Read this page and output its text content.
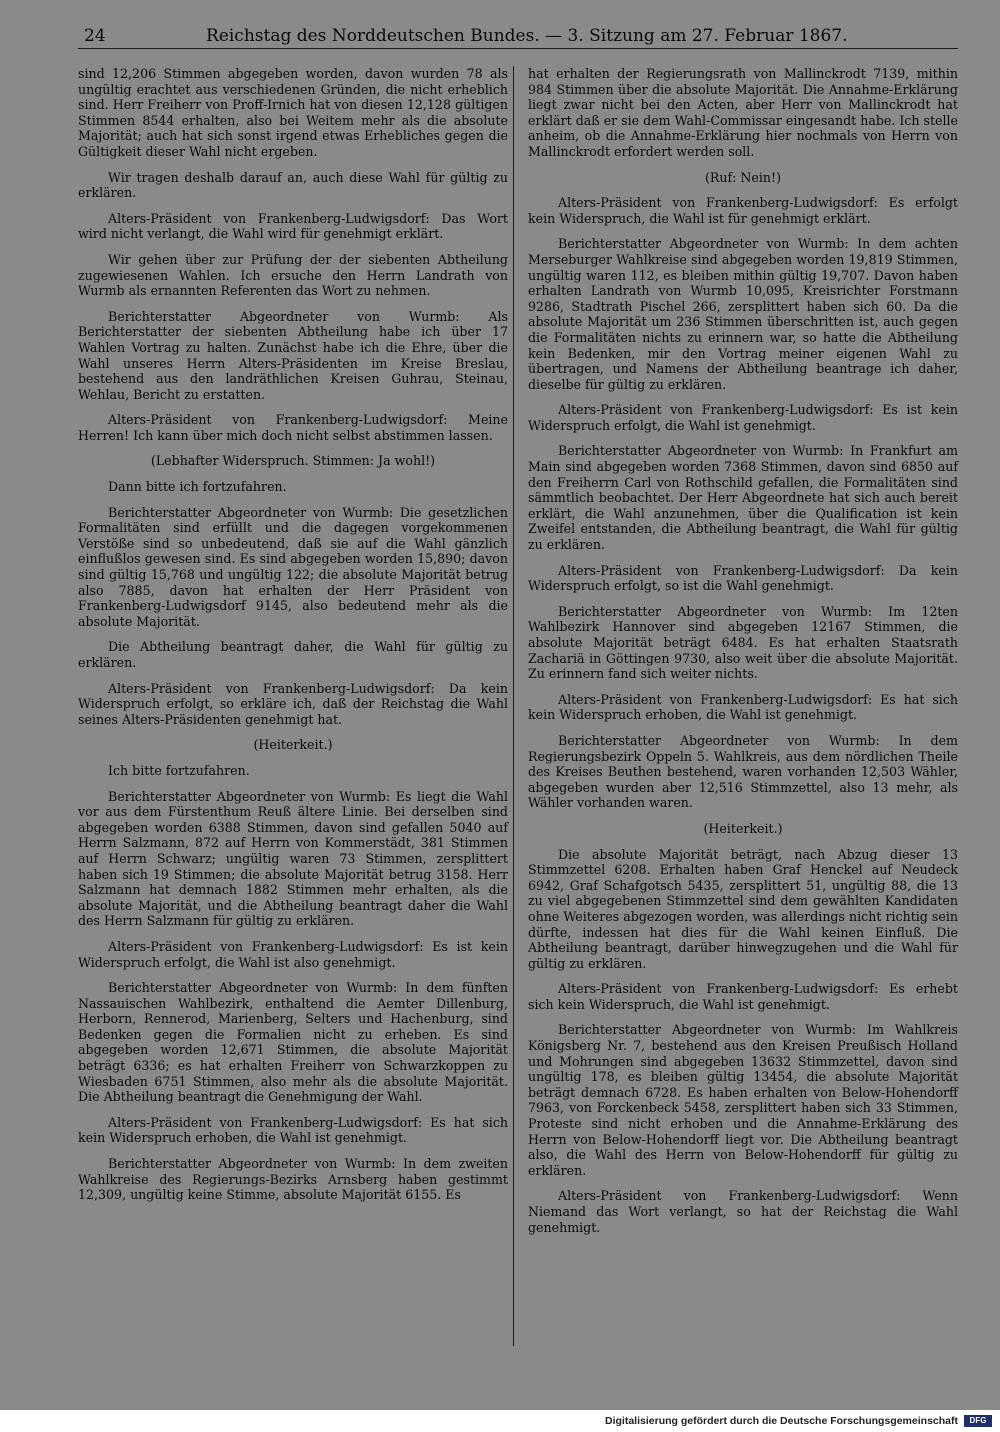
24	Reichstag des Norddeutschen Bundes. — 3. Sitzung am 27. Februar 1867.

sind 12,206 Stimmen abgegeben worden, davon wurden 78 als ungültig erachtet aus verschiedenen Gründen, die nicht erheblich sind. Herr Freiherr von Proff-Irnich hat von diesen 12,128 gültigen Stimmen 8544 erhalten, also bei Weitem mehr als die absolute Majorität; auch hat sich sonst irgend etwas Erhebliches gegen die Gültigkeit dieser Wahl nicht ergeben.

Wir tragen deshalb darauf an, auch diese Wahl für gültig zu erklären.

Alters-Präsident von Frankenberg-Ludwigsdorf: Das Wort wird nicht verlangt, die Wahl wird für genehmigt erklärt.

Wir gehen über zur Prüfung der der siebenten Abtheilung zugewiesenen Wahlen. Ich ersuche den Herrn Landrath von Wurmb als ernannten Referenten das Wort zu nehmen.

Berichterstatter Abgeordneter von Wurmb: Als Berichterstatter der siebenten Abtheilung habe ich über 17 Wahlen Vortrag zu halten. Zunächst habe ich die Ehre, über die Wahl unseres Herrn Alters-Präsidenten im Kreise Breslau, bestehend aus den landräthlichen Kreisen Guhrau, Steinau, Wehlau, Bericht zu erstatten.

Alters-Präsident von Frankenberg-Ludwigsdorf: Meine Herren! Ich kann über mich doch nicht selbst abstimmen lassen.

(Lebhafter Widerspruch. Stimmen: Ja wohl!)

Dann bitte ich fortzufahren.

Berichterstatter Abgeordneter von Wurmb: Die gesetzlichen Formalitäten sind erfüllt und die dagegen vorgekommenen Verstöße sind so unbedeutend, daß sie auf die Wahl gänzlich einflußlos gewesen sind. Es sind abgegeben worden 15,890; davon sind gültig 15,768 und ungültig 122; die absolute Majorität betrug also 7885, davon hat erhalten der Herr Präsident von Frankenberg-Ludwigsdorf 9145, also bedeutend mehr als die absolute Majorität.

Die Abtheilung beantragt daher, die Wahl für gültig zu erklären.

Alters-Präsident von Frankenberg-Ludwigsdorf: Da kein Widerspruch erfolgt, so erkläre ich, daß der Reichstag die Wahl seines Alters-Präsidenten genehmigt hat.

(Heiterkeit.)

Ich bitte fortzufahren.

Berichterstatter Abgeordneter von Wurmb: Es liegt die Wahl vor aus dem Fürstenthum Reuß ältere Linie. Bei derselben sind abgegeben worden 6388 Stimmen, davon sind gefallen 5040 auf Herrn Salzmann, 872 auf Herrn von Kommerstädt, 381 Stimmen auf Herrn Schwarz; ungültig waren 73 Stimmen, zersplittert haben sich 19 Stimmen; die absolute Majorität betrug 3158. Herr Salzmann hat demnach 1882 Stimmen mehr erhalten, als die absolute Majorität, und die Abtheilung beantragt daher die Wahl des Herrn Salzmann für gültig zu erklären.

Alters-Präsident von Frankenberg-Ludwigsdorf: Es ist kein Widerspruch erfolgt, die Wahl ist also genehmigt.

Berichterstatter Abgeordneter von Wurmb: In dem fünften Nassauischen Wahlbezirk, enthaltend die Aemter Dillenburg, Herborn, Rennerod, Marienberg, Selters und Hachenburg, sind Bedenken gegen die Formalien nicht zu erheben. Es sind abgegeben worden 12,671 Stimmen, die absolute Majorität beträgt 6336; es hat erhalten Freiherr von Schwarzkoppen zu Wiesbaden 6751 Stimmen, also mehr als die absolute Majorität. Die Abtheilung beantragt die Genehmigung der Wahl.

Alters-Präsident von Frankenberg-Ludwigsdorf: Es hat sich kein Widerspruch erhoben, die Wahl ist genehmigt.

Berichterstatter Abgeordneter von Wurmb: In dem zweiten Wahlkreise des Regierungs-Bezirks Arnsberg haben gestimmt 12,309, ungültig keine Stimme, absolute Majorität 6155. Es

hat erhalten der Regierungsrath von Mallinckrodt 7139, mithin 984 Stimmen über die absolute Majorität. Die Annahme-Erklärung liegt zwar nicht bei den Acten, aber Herr von Mallinckrodt hat erklärt daß er sie dem Wahl-Commissar eingesandt habe. Ich stelle anheim, ob die Annahme-Erklärung hier nochmals von Herrn von Mallinckrodt erfordert werden soll.

(Ruf: Nein!)

Alters-Präsident von Frankenberg-Ludwigsdorf: Es erfolgt kein Widerspruch, die Wahl ist für genehmigt erklärt.

Berichterstatter Abgeordneter von Wurmb: In dem achten Merseburger Wahlkreise sind abgegeben worden 19,819 Stimmen, ungültig waren 112, es bleiben mithin gültig 19,707. Davon haben erhalten Landrath von Wurmb 10,095, Kreisrichter Forstmann 9286, Stadtrath Pischel 266, zersplittert haben sich 60. Da die absolute Majorität um 236 Stimmen überschritten ist, auch gegen die Formalitäten nichts zu erinnern war, so hatte die Abtheilung kein Bedenken, mir den Vortrag meiner eigenen Wahl zu übertragen, und Namens der Abtheilung beantrage ich daher, dieselbe für gültig zu erklären.

Alters-Präsident von Frankenberg-Ludwigsdorf: Es ist kein Widerspruch erfolgt, die Wahl ist genehmigt.

Berichterstatter Abgeordneter von Wurmb: In Frankfurt am Main sind abgegeben worden 7368 Stimmen, davon sind 6850 auf den Freiherrn Carl von Rothschild gefallen, die Formalitäten sind sämmtlich beobachtet. Der Herr Abgeordnete hat sich auch bereit erklärt, die Wahl anzunehmen, über die Qualification ist kein Zweifel entstanden, die Abtheilung beantragt, die Wahl für gültig zu erklären.

Alters-Präsident von Frankenberg-Ludwigsdorf: Da kein Widerspruch erfolgt, so ist die Wahl genehmigt.

Berichterstatter Abgeordneter von Wurmb: Im 12ten Wahlbezirk Hannover sind abgegeben 12167 Stimmen, die absolute Majorität beträgt 6484. Es hat erhalten Staatsrath Zachariä in Göttingen 9730, also weit über die absolute Majorität. Zu erinnern fand sich weiter nichts.

Alters-Präsident von Frankenberg-Ludwigsdorf: Es hat sich kein Widerspruch erhoben, die Wahl ist genehmigt.

Berichterstatter Abgeordneter von Wurmb: In dem Regierungsbezirk Oppeln 5. Wahlkreis, aus dem nördlichen Theile des Kreises Beuthen bestehend, waren vorhanden 12,503 Wähler, abgegeben wurden aber 12,516 Stimmzettel, also 13 mehr, als Wähler vorhanden waren.

(Heiterkeit.)

Die absolute Majorität beträgt, nach Abzug dieser 13 Stimmzettel 6208. Erhalten haben Graf Henckel auf Neudeck 6942, Graf Schafgotsch 5435, zersplittert 51, ungültig 88, die 13 zu viel abgegebenen Stimmzettel sind dem gewählten Kandidaten ohne Weiteres abgezogen worden, was allerdings nicht richtig sein dürfte, indessen hat dies für die Wahl keinen Einfluß. Die Abtheilung beantragt, darüber hinwegzugehen und die Wahl für gültig zu erklären.

Alters-Präsident von Frankenberg-Ludwigsdorf: Es erhebt sich kein Widerspruch, die Wahl ist genehmigt.

Berichterstatter Abgeordneter von Wurmb: Im Wahlkreis Königsberg Nr. 7, bestehend aus den Kreisen Preußisch Holland und Mohrungen sind abgegeben 13632 Stimmzettel, davon sind ungültig 178, es bleiben gültig 13454, die absolute Majorität beträgt demnach 6728. Es haben erhalten von Below-Hohendorff 7963, von Forckenbeck 5458, zersplittert haben sich 33 Stimmen, Proteste sind nicht erhoben und die Annahme-Erklärung des Herrn von Below-Hohendorff liegt vor. Die Abtheilung beantragt also, die Wahl des Herrn von Below-Hohendorff für gültig zu erklären.

Alters-Präsident von Frankenberg-Ludwigsdorf: Wenn Niemand das Wort verlangt, so hat der Reichstag die Wahl genehmigt.

Digitalisierung gefördert durch die Deutsche Forschungsgemeinschaft	DFG
